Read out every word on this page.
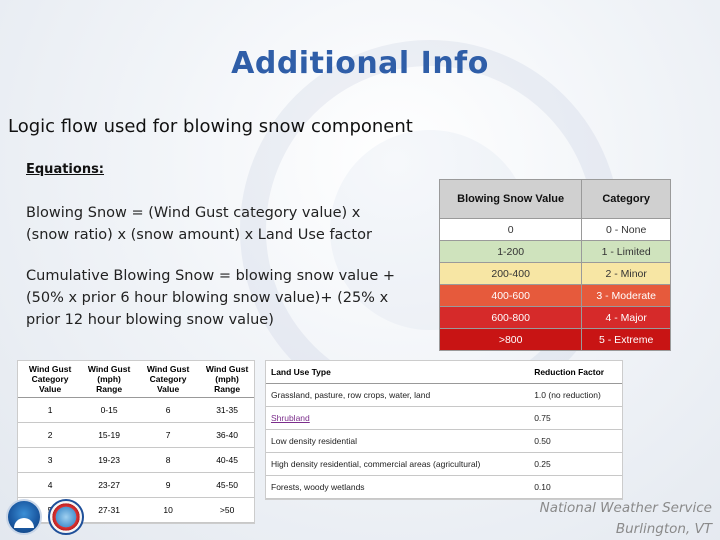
Additional Info
Logic flow used for blowing snow component
Equations:
Blowing Snow = (Wind Gust category value) x (snow ratio) x (snow amount) x Land Use factor
Cumulative Blowing Snow = blowing snow value + (50% x prior 6 hour blowing snow value)+ (25% x prior 12 hour blowing snow value)
Blowing Snow Value	Category
0	0 - None
1-200	1 - Limited
200-400	2 - Minor
400-600	3 - Moderate
600-800	4 - Major
>800	5 - Extreme
Wind Gust Category Value	Wind Gust (mph) Range	Wind Gust Category Value	Wind Gust (mph) Range
1	0-15	6	31-35
2	15-19	7	36-40
3	19-23	8	40-45
4	23-27	9	45-50
	27-31	10	>50
Land Use Type	Reduction Factor
Grassland, pasture, row crops, water, land	1.0 (no reduction)
Shrubland	0.75
Low density residential	0.50
High density residential, commercial areas (agricultural)	0.25
Forests, woody wetlands	0.10
National Weather Service
Burlington, VT
